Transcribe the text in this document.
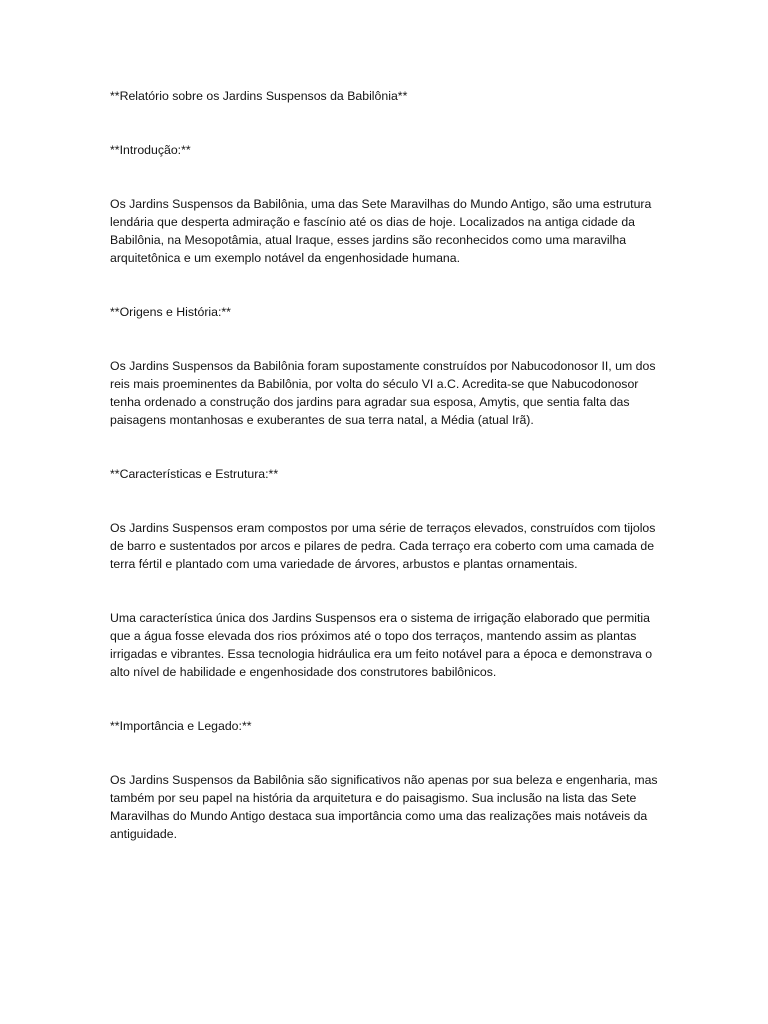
**Relatório sobre os Jardins Suspensos da Babilônia**

**Introdução:**

Os Jardins Suspensos da Babilônia, uma das Sete Maravilhas do Mundo Antigo, são uma estrutura lendária que desperta admiração e fascínio até os dias de hoje. Localizados na antiga cidade da Babilônia, na Mesopotâmia, atual Iraque, esses jardins são reconhecidos como uma maravilha arquitetônica e um exemplo notável da engenhosidade humana.

**Origens e História:**

Os Jardins Suspensos da Babilônia foram supostamente construídos por Nabucodonosor II, um dos reis mais proeminentes da Babilônia, por volta do século VI a.C. Acredita-se que Nabucodonosor tenha ordenado a construção dos jardins para agradar sua esposa, Amytis, que sentia falta das paisagens montanhosas e exuberantes de sua terra natal, a Média (atual Irã).

**Características e Estrutura:**

Os Jardins Suspensos eram compostos por uma série de terraços elevados, construídos com tijolos de barro e sustentados por arcos e pilares de pedra. Cada terraço era coberto com uma camada de terra fértil e plantado com uma variedade de árvores, arbustos e plantas ornamentais.

Uma característica única dos Jardins Suspensos era o sistema de irrigação elaborado que permitia que a água fosse elevada dos rios próximos até o topo dos terraços, mantendo assim as plantas irrigadas e vibrantes. Essa tecnologia hidráulica era um feito notável para a época e demonstrava o alto nível de habilidade e engenhosidade dos construtores babilônicos.

**Importância e Legado:**

Os Jardins Suspensos da Babilônia são significativos não apenas por sua beleza e engenharia, mas também por seu papel na história da arquitetura e do paisagismo. Sua inclusão na lista das Sete Maravilhas do Mundo Antigo destaca sua importância como uma das realizações mais notáveis da antiguidade.
